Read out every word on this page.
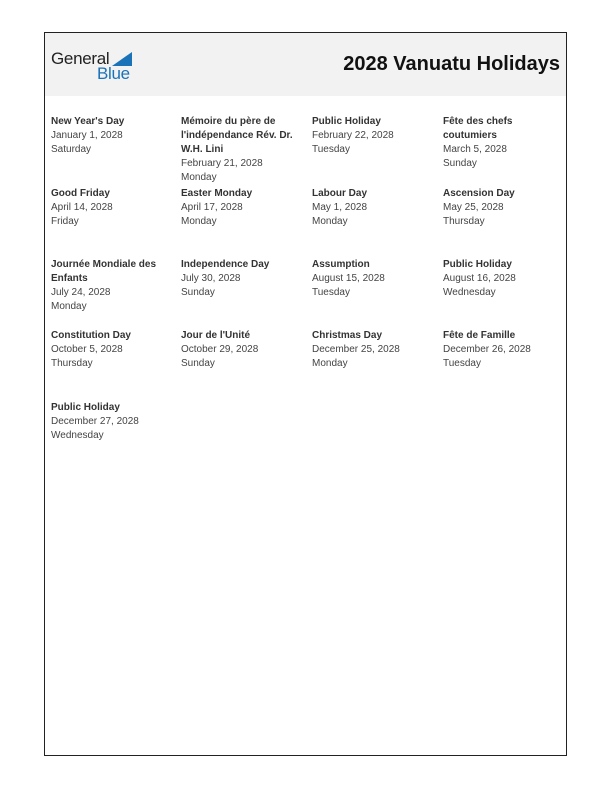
General
Blue	2028 Vanuatu Holidays
New Year's Day
January 1, 2028
Saturday
Mémoire du père de l'indépendance Rév. Dr. W.H. Lini
February 21, 2028
Monday
Public Holiday
February 22, 2028
Tuesday
Fête des chefs coutumiers
March 5, 2028
Sunday
Good Friday
April 14, 2028
Friday
Easter Monday
April 17, 2028
Monday
Labour Day
May 1, 2028
Monday
Ascension Day
May 25, 2028
Thursday
Journée Mondiale des Enfants
July 24, 2028
Monday
Independence Day
July 30, 2028
Sunday
Assumption
August 15, 2028
Tuesday
Public Holiday
August 16, 2028
Wednesday
Constitution Day
October 5, 2028
Thursday
Jour de l'Unité
October 29, 2028
Sunday
Christmas Day
December 25, 2028
Monday
Fête de Famille
December 26, 2028
Tuesday
Public Holiday
December 27, 2028
Wednesday
